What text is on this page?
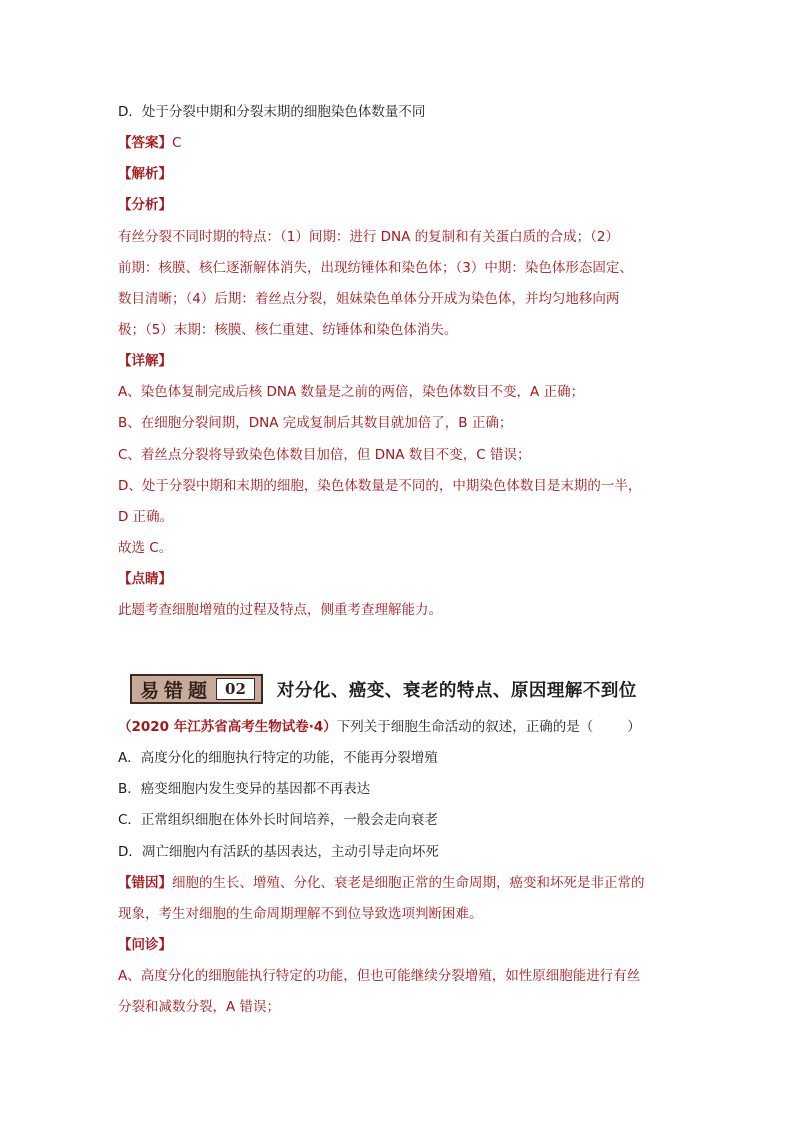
D．处于分裂中期和分裂末期的细胞染色体数量不同
【答案】C
【解析】
【分析】
有丝分裂不同时期的特点：（1）间期：进行 DNA 的复制和有关蛋白质的合成；（2）
前期：核膜、核仁逐渐解体消失，出现纺锤体和染色体；（3）中期：染色体形态固定、
数目清晰；（4）后期：着丝点分裂，姐妹染色单体分开成为染色体，并均匀地移向两
极；（5）末期：核膜、核仁重建、纺锤体和染色体消失。
【详解】
A、染色体复制完成后核 DNA 数量是之前的两倍，染色体数目不变，A 正确；
B、在细胞分裂间期，DNA 完成复制后其数目就加倍了，B 正确；
C、着丝点分裂将导致染色体数目加倍，但 DNA 数目不变，C 错误；
D、处于分裂中期和末期的细胞，染色体数量是不同的，中期染色体数目是末期的一半，
D 正确。
故选 C。
【点睛】
此题考查细胞增殖的过程及特点，侧重考查理解能力。
易错题 02	对分化、癌变、衰老的特点、原因理解不到位
（2020 年江苏省高考生物试卷·4）下列关于细胞生命活动的叙述，正确的是（	）
A．高度分化的细胞执行特定的功能，不能再分裂增殖
B．癌变细胞内发生变异的基因都不再表达
C．正常组织细胞在体外长时间培养，一般会走向衰老
D．凋亡细胞内有活跃的基因表达，主动引导走向坏死
【错因】细胞的生长、增殖、分化、衰老是细胞正常的生命周期，癌变和坏死是非正常的
现象，考生对细胞的生命周期理解不到位导致选项判断困难。
【问诊】
A、高度分化的细胞能执行特定的功能，但也可能继续分裂增殖，如性原细胞能进行有丝
分裂和减数分裂，A 错误；
